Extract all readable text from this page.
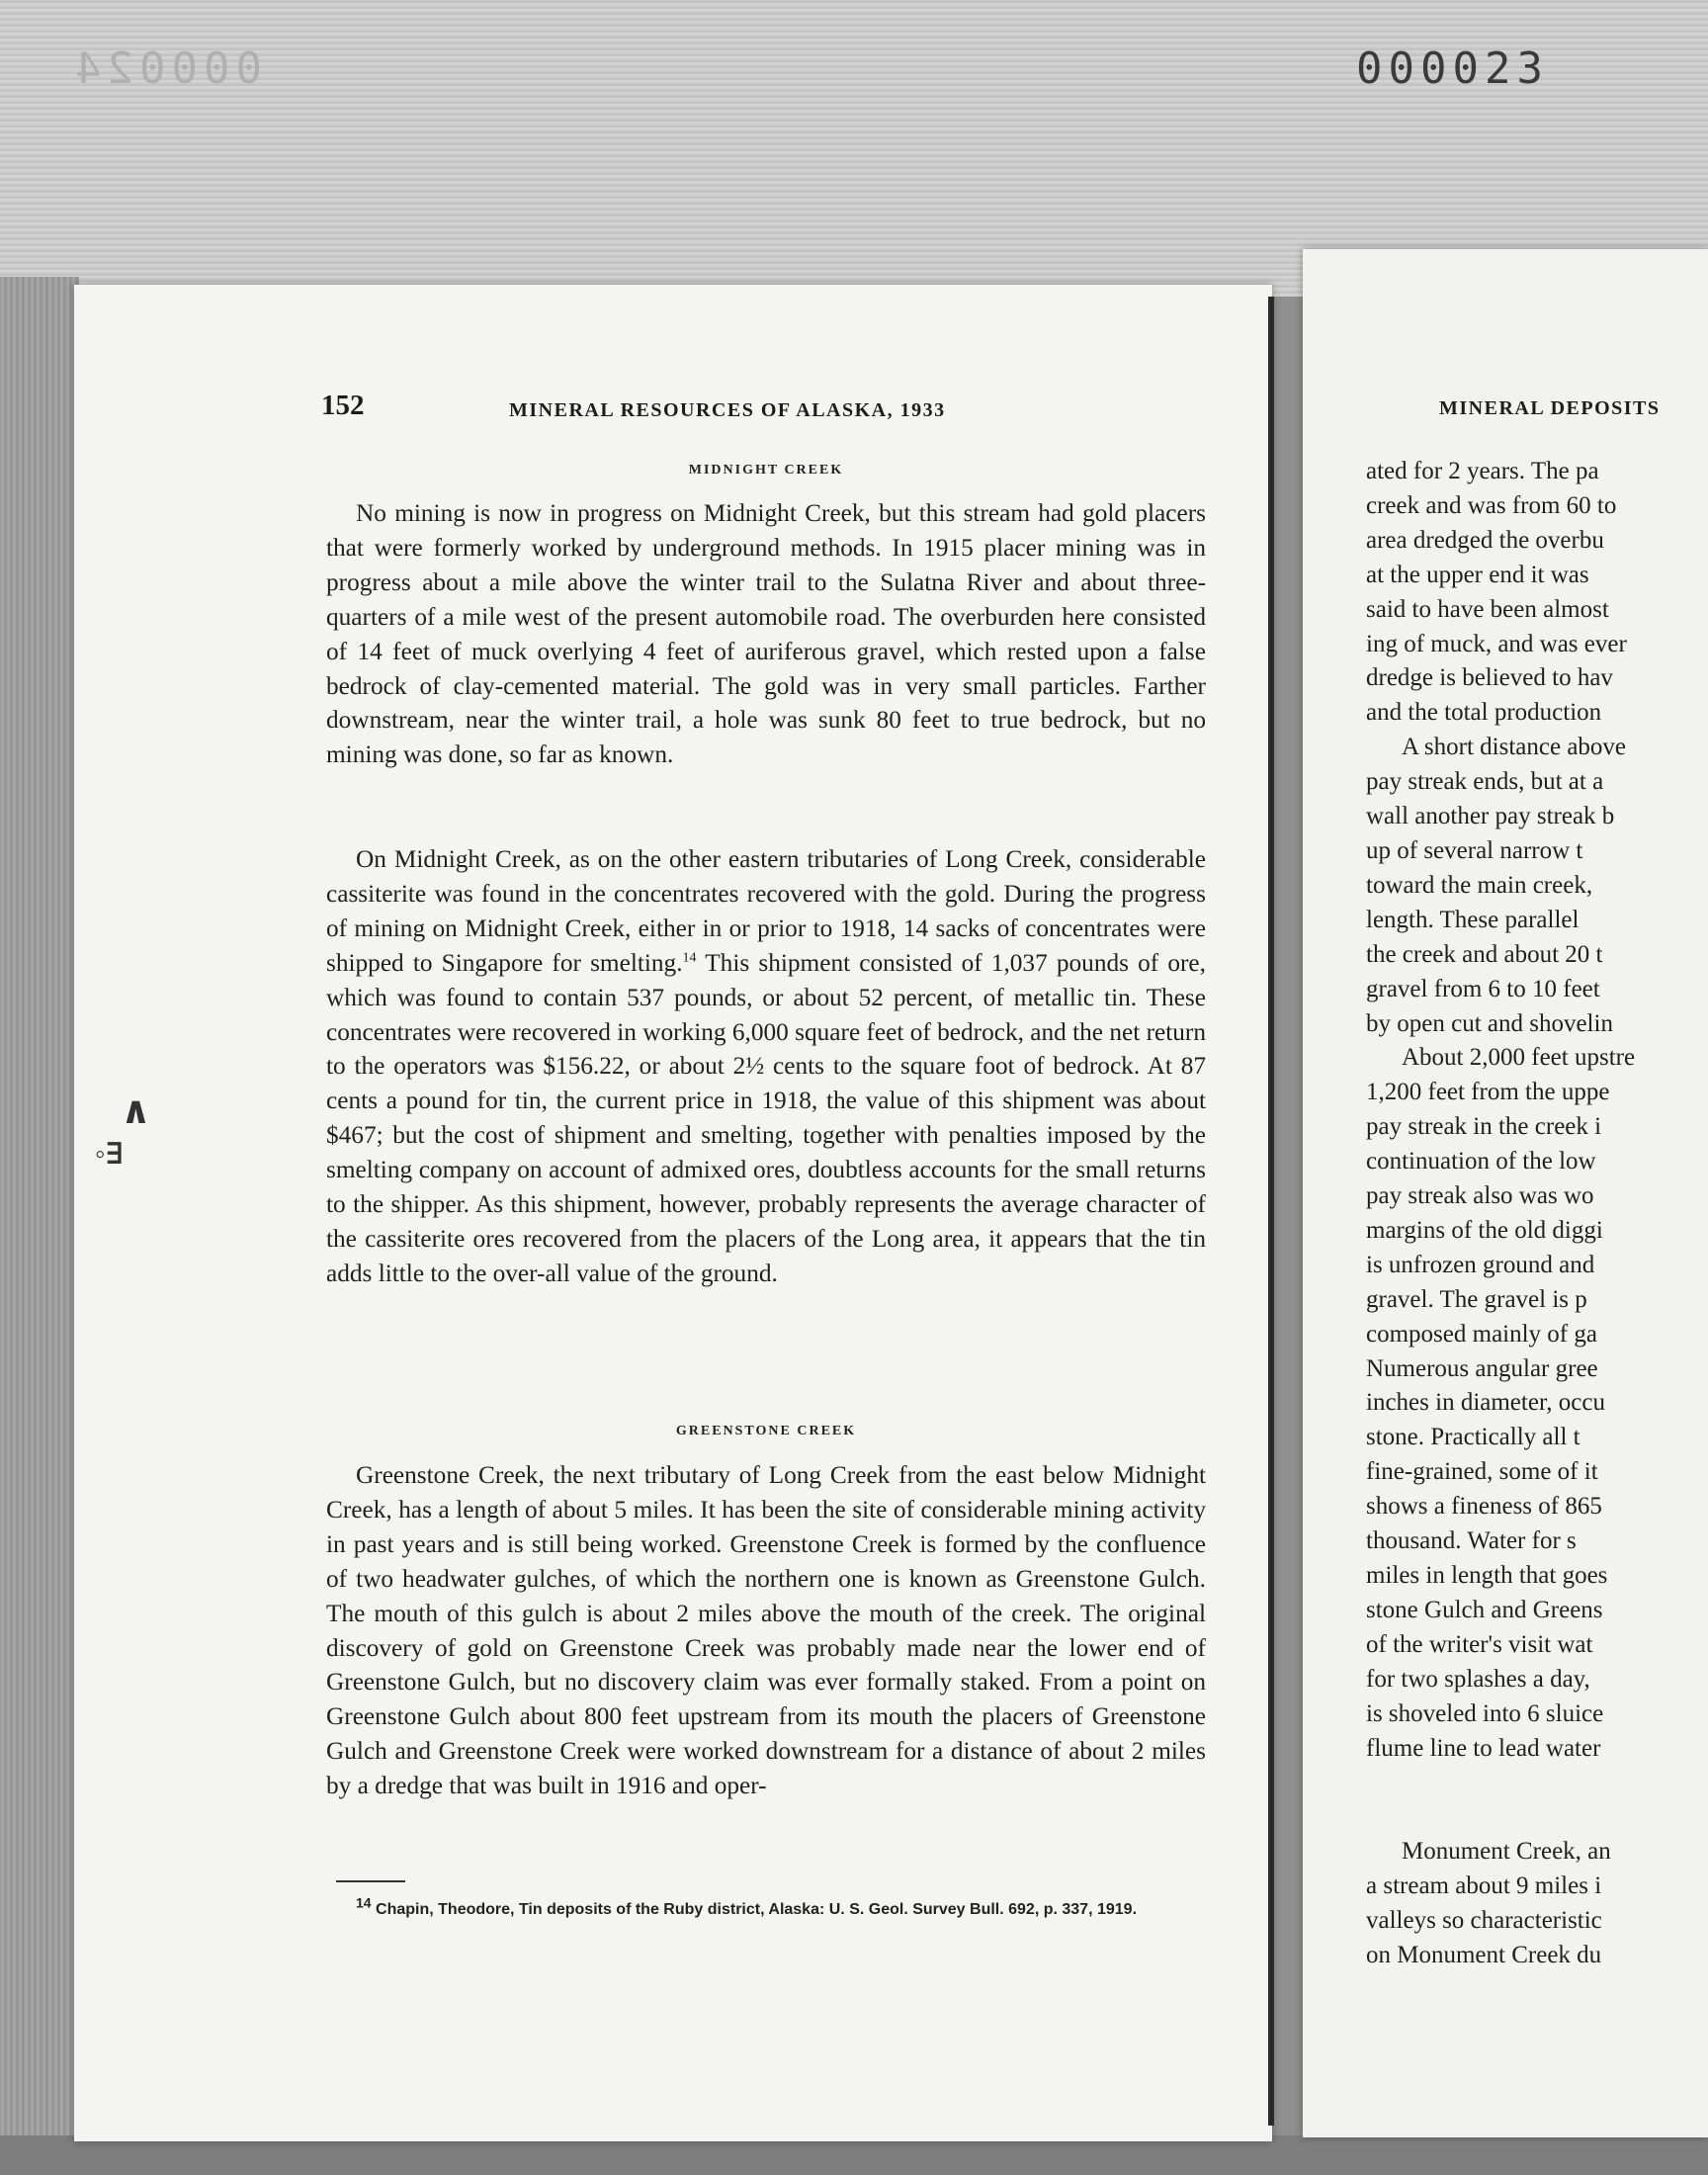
000024	000023
152	MINERAL RESOURCES OF ALASKA, 1933
MIDNIGHT CREEK

No mining is now in progress on Midnight Creek, but this stream had gold placers that were formerly worked by underground methods. In 1915 placer mining was in progress about a mile above the winter trail to the Sulatna River and about three-quarters of a mile west of the present automobile road. The overburden here consisted of 14 feet of muck overlying 4 feet of auriferous gravel, which rested upon a false bedrock of clay-cemented material. The gold was in very small particles. Farther downstream, near the winter trail, a hole was sunk 80 feet to true bedrock, but no mining was done, so far as known.

On Midnight Creek, as on the other eastern tributaries of Long Creek, considerable cassiterite was found in the concentrates recovered with the gold. During the progress of mining on Midnight Creek, either in or prior to 1918, 14 sacks of concentrates were shipped to Singapore for smelting.$^{14}$ This shipment consisted of 1,037 pounds of ore, which was found to contain 537 pounds, or about 52 percent, of metallic tin. These concentrates were recovered in working 6,000 square feet of bedrock, and the net return to the operators was $156.22, or about 2½ cents to the square foot of bedrock. At 87 cents a pound for tin, the current price in 1918, the value of this shipment was about $467; but the cost of shipment and smelting, together with penalties imposed by the smelting company on account of admixed ores, doubtless accounts for the small returns to the shipper. As this shipment, however, probably represents the average character of the cassiterite ores recovered from the placers of the Long area, it appears that the tin adds little to the over-all value of the ground.

GREENSTONE CREEK

Greenstone Creek, the next tributary of Long Creek from the east below Midnight Creek, has a length of about 5 miles. It has been the site of considerable mining activity in past years and is still being worked. Greenstone Creek is formed by the confluence of two headwater gulches, of which the northern one is known as Greenstone Gulch. The mouth of this gulch is about 2 miles above the mouth of the creek. The original discovery of gold on Greenstone Creek was probably made near the lower end of Greenstone Gulch, but no discovery claim was ever formally staked. From a point on Greenstone Gulch about 800 feet upstream from its mouth the placers of Greenstone Gulch and Greenstone Creek were worked downstream for a distance of about 2 miles by a dredge that was built in 1916 and oper-

14 Chapin, Theodore, Tin deposits of the Ruby district, Alaska: U. S. Geol. Survey Bull. 692, p. 337, 1919.

∧
◦∃
MINERAL DEPOSITS
ated for 2 years. The pa
creek and was from 60 to
area dredged the overbu
at the upper end it was
said to have been almost
ing of muck, and was ever
dredge is believed to hav
and the total production
A short distance above
pay streak ends, but at a
wall another pay streak b
up of several narrow t
toward the main creek,
length. These parallel
the creek and about 20 t
gravel from 6 to 10 feet
by open cut and shovelin
About 2,000 feet upstre
1,200 feet from the uppe
pay streak in the creek i
continuation of the low
pay streak also was wo
margins of the old diggi
is unfrozen ground and
gravel. The gravel is p
composed mainly of ga
Numerous angular gree
inches in diameter, occu
stone. Practically all t
fine-grained, some of it
shows a fineness of 865
thousand. Water for s
miles in length that goes
stone Gulch and Greens
of the writer's visit wat
for two splashes a day,
is shoveled into 6 sluice
flume line to lead water
Monument Creek, an
a stream about 9 miles i
valleys so characteristic
on Monument Creek du
